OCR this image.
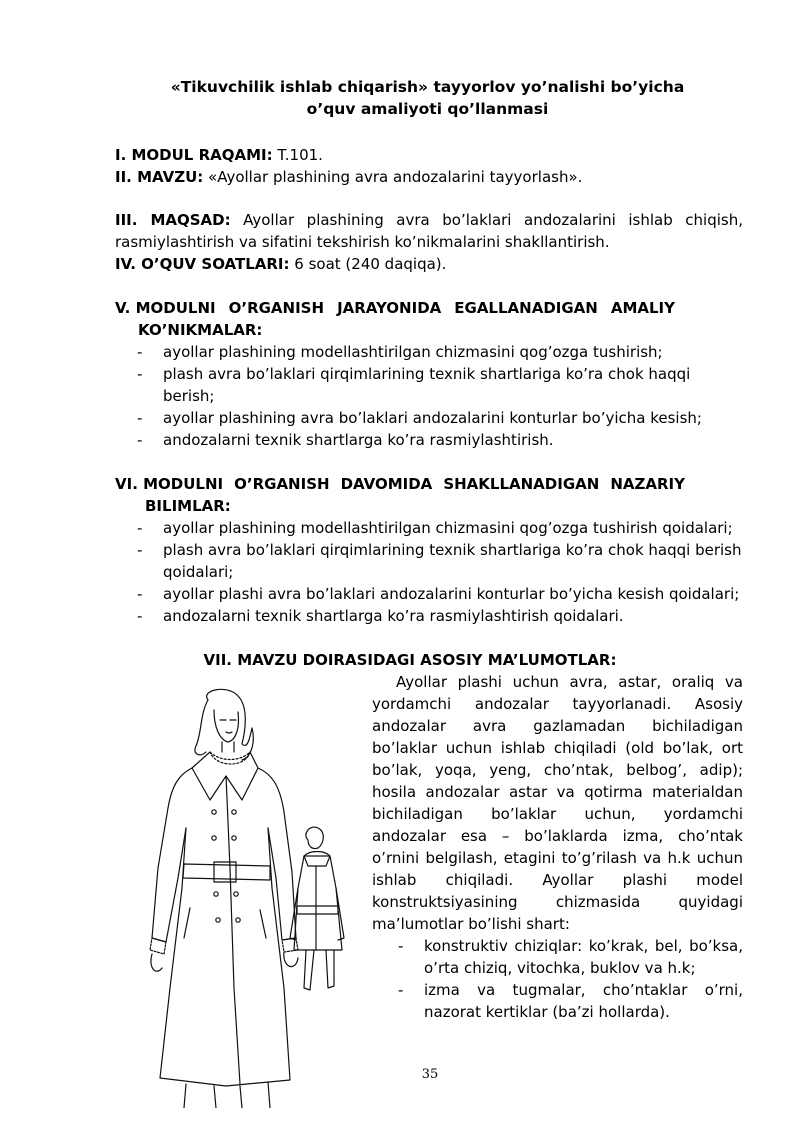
«Tikuvchilik ishlab chiqarish» tayyorlov yo’nalishi bo’yicha
o’quv amaliyoti qo’llanmasi
I. MODUL RAQAMI: T.101.
II. MAVZU: «Ayollar plashining avra andozalarini tayyorlash».
III. MAQSAD: Ayollar plashining avra bo’laklari andozalarini ishlab chiqish, rasmiylashtirish va sifatini tekshirish ko’nikmalarini shakllantirish.
IV. O’QUV SOATLARI: 6 soat (240 daqiqa).
V. MODULNI O’RGANISH JARAYONIDA EGALLANADIGAN AMALIY
KO’NIKMALAR:
- ayollar plashining modellashtirilgan chizmasini qog’ozga tushirish;
- plash avra bo’laklari qirqimlarining texnik shartlariga ko’ra chok haqqi berish;
- ayollar plashining avra bo’laklari andozalarini konturlar bo’yicha kesish;
- andozalarni texnik shartlarga ko’ra rasmiylashtirish.
VI. MODULNI O’RGANISH DAVOMIDA SHAKLLANADIGAN NAZARIY
BILIMLAR:
- ayollar plashining modellashtirilgan chizmasini qog’ozga tushirish qoidalari;
- plash avra bo’laklari qirqimlarining texnik shartlariga ko’ra chok haqqi berish qoidalari;
- ayollar plashi avra bo’laklari andozalarini konturlar bo’yicha kesish qoidalari;
- andozalarni texnik shartlarga ko’ra rasmiylashtirish qoidalari.
VII. MAVZU DOIRASIDAGI ASOSIY MA’LUMOTLAR:

Ayollar plashi uchun avra, astar, oraliq va yordamchi andozalar tayyorlanadi. Asosiy andozalar avra gazlamadan bichiladigan bo’laklar uchun ishlab chiqiladi (old bo’lak, ort bo’lak, yoqa, yeng, cho’ntak, belbog’, adip); hosila andozalar astar va qotirma materialdan bichiladigan bo’laklar uchun, yordamchi andozalar esa – bo’laklarda izma, cho’ntak o’rnini belgilash, etagini to’g’rilash va h.k uchun ishlab chiqiladi. Ayollar plashi model konstruktsiyasining chizmasida quyidagi ma’lumotlar bo’lishi shart:

- konstruktiv chiziqlar: ko’krak, bel, bo’ksa, o’rta chiziq, vitochka, buklov va h.k;
- izma va tugmalar, cho’ntaklar o’rni, nazorat kertiklar (ba’zi hollarda).
35
